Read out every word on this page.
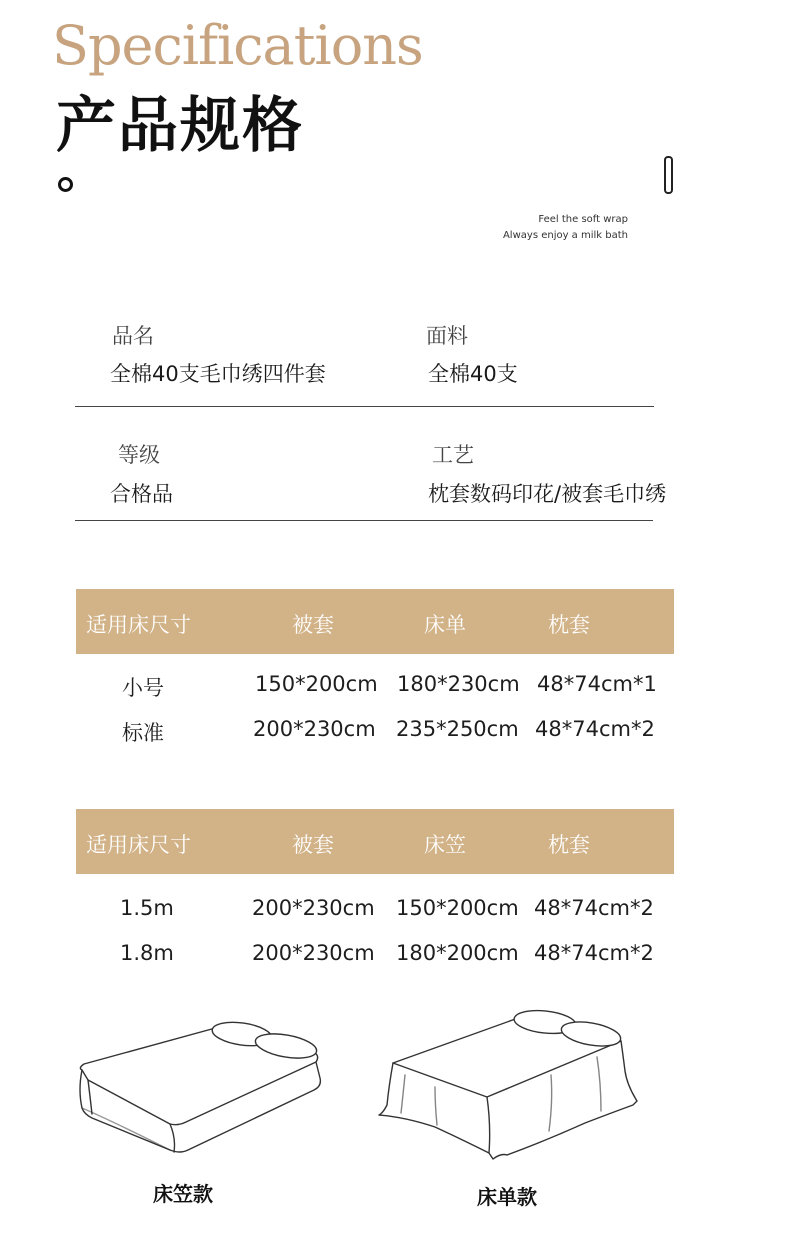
Specifications
产品规格
Feel the soft wrap
Always enjoy a milk bath
品名
全棉40支毛巾绣四件套
面料
全棉40支
等级
合格品
工艺
枕套数码印花/被套毛巾绣
适用床尺寸	被套	床单	枕套
小号	150*200cm 180*230cm 48*74cm*1
标准	200*230cm 235*250cm 48*74cm*2
适用床尺寸	被套	床笠	枕套
1.5m	200*230cm 150*200cm 48*74cm*2
1.8m	200*230cm 180*200cm 48*74cm*2
床笠款	床单款
